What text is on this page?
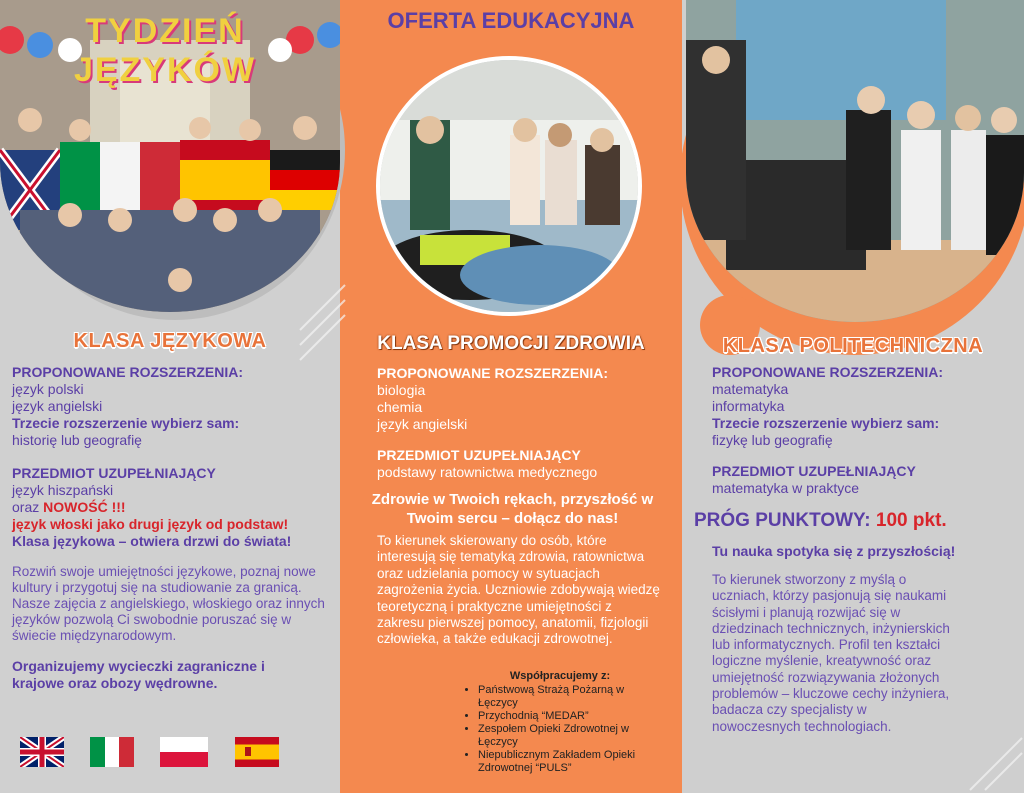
TYDZIEŃ JĘZYKÓW
OFERTA EDUKACYJNA
KLASA JĘZYKOWA
PROPONOWANE ROZSZERZENIA:
język polski
język angielski
Trzecie rozszerzenie wybierz sam:
historię lub geografię
PRZEDMIOT UZUPEŁNIAJĄCY
język hiszpański
oraz NOWOŚĆ !!!
język włoski jako drugi język od podstaw!
Klasa językowa – otwiera drzwi do świata!
Rozwiń swoje umiejętności językowe, poznaj nowe kultury i przygotuj się na studiowanie za granicą. Nasze zajęcia z angielskiego, włoskiego oraz innych języków pozwolą Ci swobodnie poruszać się w świecie międzynarodowym.
Organizujemy wycieczki zagraniczne i krajowe oraz obozy wędrowne.
KLASA PROMOCJI ZDROWIA
PROPONOWANE ROZSZERZENIA:
biologia
chemia
język angielski
PRZEDMIOT UZUPEŁNIAJĄCY
podstawy ratownictwa medycznego
Zdrowie w Twoich rękach, przyszłość w Twoim sercu – dołącz do nas!
To kierunek skierowany do osób, które interesują się tematyką zdrowia, ratownictwa oraz udzielania pomocy w sytuacjach zagrożenia życia. Uczniowie zdobywają wiedzę teoretyczną i praktyczne umiejętności z zakresu pierwszej pomocy, anatomii, fizjologii człowieka, a także edukacji zdrowotnej.
Współpracujemy z:
• Państwową Strażą Pożarną w Łęczycy
• Przychodnią “MEDAR”
• Zespołem Opieki Zdrowotnej w Łęczycy
• Niepublicznym Zakładem Opieki Zdrowotnej “PULS”
KLASA POLITECHNICZNA
PROPONOWANE ROZSZERZENIA:
matematyka
informatyka
Trzecie rozszerzenie wybierz sam:
fizykę lub geografię
PRZEDMIOT UZUPEŁNIAJĄCY
matematyka w praktyce
PRÓG PUNKTOWY: 100 pkt.
Tu nauka spotyka się z przyszłością!
To kierunek stworzony z myślą o uczniach, którzy pasjonują się naukami ścisłymi i planują rozwijać się w dziedzinach technicznych, inżynierskich lub informatycznych. Profil ten kształci logiczne myślenie, kreatywność oraz umiejętność rozwiązywania złożonych problemów – kluczowe cechy inżyniera, badacza czy specjalisty w nowoczesnych technologiach.
